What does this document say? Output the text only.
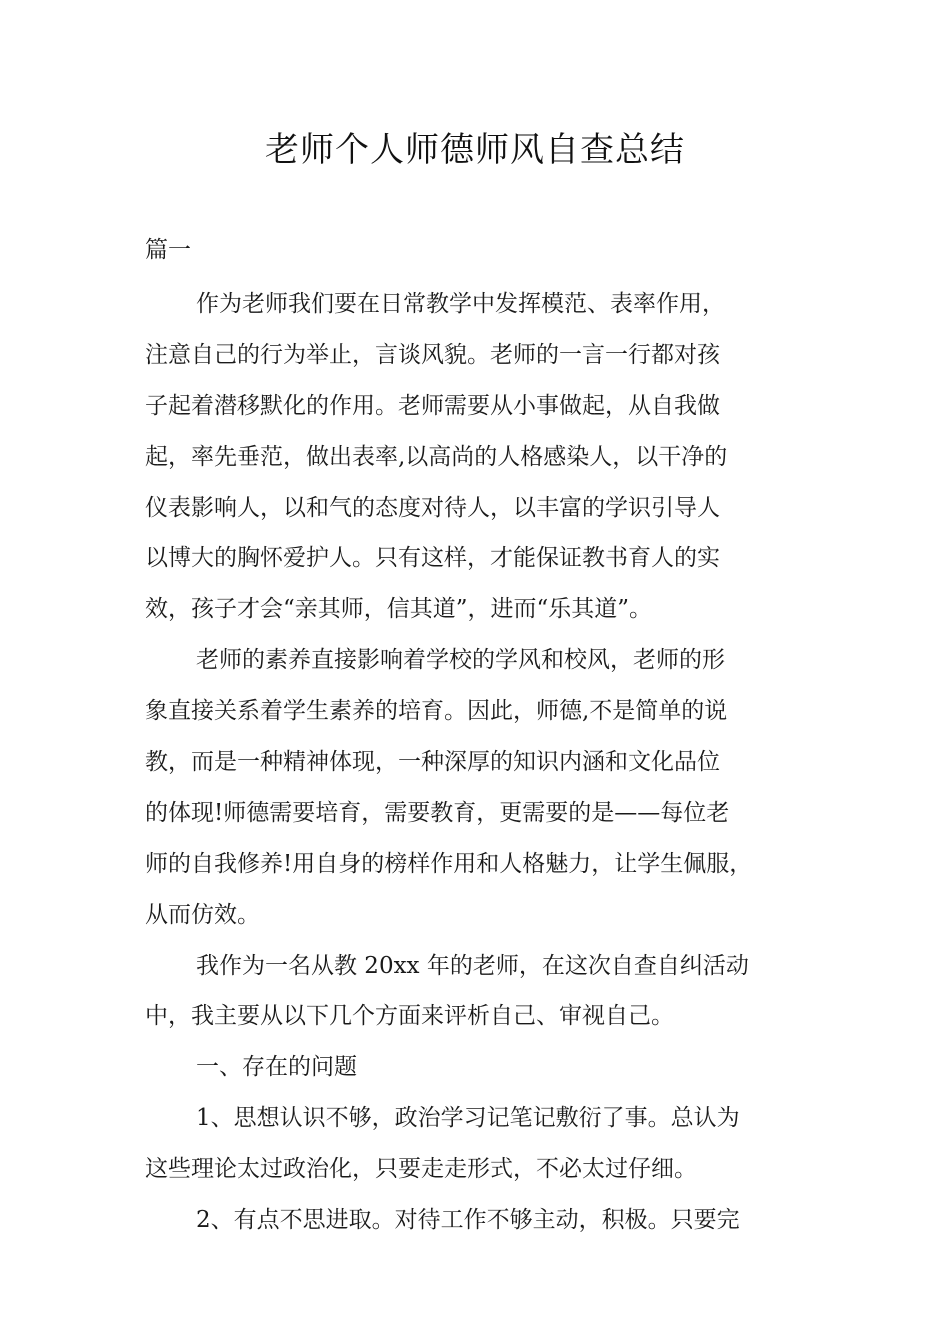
老师个人师德师风自查总结
篇一
作为老师我们要在日常教学中发挥模范、表率作用，
注意自己的行为举止，言谈风貌。老师的一言一行都对孩
子起着潜移默化的作用。老师需要从小事做起，从自我做
起，率先垂范，做出表率,以高尚的人格感染人，以干净的
仪表影响人，以和气的态度对待人，以丰富的学识引导人
以博大的胸怀爱护人。只有这样，才能保证教书育人的实
效，孩子才会“亲其师，信其道”，进而“乐其道”。
老师的素养直接影响着学校的学风和校风，老师的形
象直接关系着学生素养的培育。因此，师德,不是简单的说
教，而是一种精神体现，一种深厚的知识内涵和文化品位
的体现!师德需要培育，需要教育，更需要的是——每位老
师的自我修养!用自身的榜样作用和人格魅力，让学生佩服，
从而仿效。
我作为一名从教 20xx 年的老师，在这次自查自纠活动
中，我主要从以下几个方面来评析自己、审视自己。
一、存在的问题
1、思想认识不够，政治学习记笔记敷衍了事。总认为
这些理论太过政治化，只要走走形式，不必太过仔细。
2、有点不思进取。对待工作不够主动，积极。只要完
